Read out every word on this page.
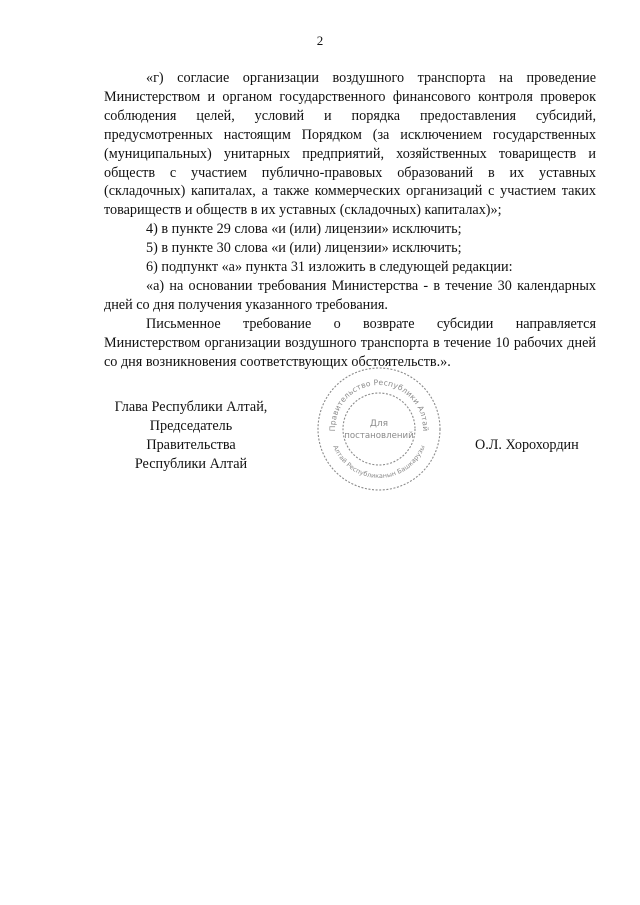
2

«г) согласие организации воздушного транспорта на проведение Министерством и органом государственного финансового контроля проверок соблюдения целей, условий и порядка предоставления субсидий, предусмотренных настоящим Порядком (за исключением государственных (муниципальных) унитарных предприятий, хозяйственных товариществ и обществ с участием публично-правовых образований в их уставных (складочных) капиталах, а также коммерческих организаций с участием таких товариществ и обществ в их уставных (складочных) капиталах)»;

4) в пункте 29 слова «и (или) лицензии» исключить;

5) в пункте 30 слова «и (или) лицензии» исключить;

6) подпункт «а» пункта 31 изложить в следующей редакции:

«а) на основании требования Министерства - в течение 30 календарных дней со дня получения указанного требования.

Письменное требование о возврате субсидии направляется Министерством организации воздушного транспорта в течение 10 рабочих дней со дня возникновения соответствующих обстоятельств.».

Глава Республики Алтай,
Председатель Правительства
Республики Алтай
О.Л. Хорохордин
Правительство Республики Алтай
Алтай Республиканын Башкарузы
Для
постановлений
